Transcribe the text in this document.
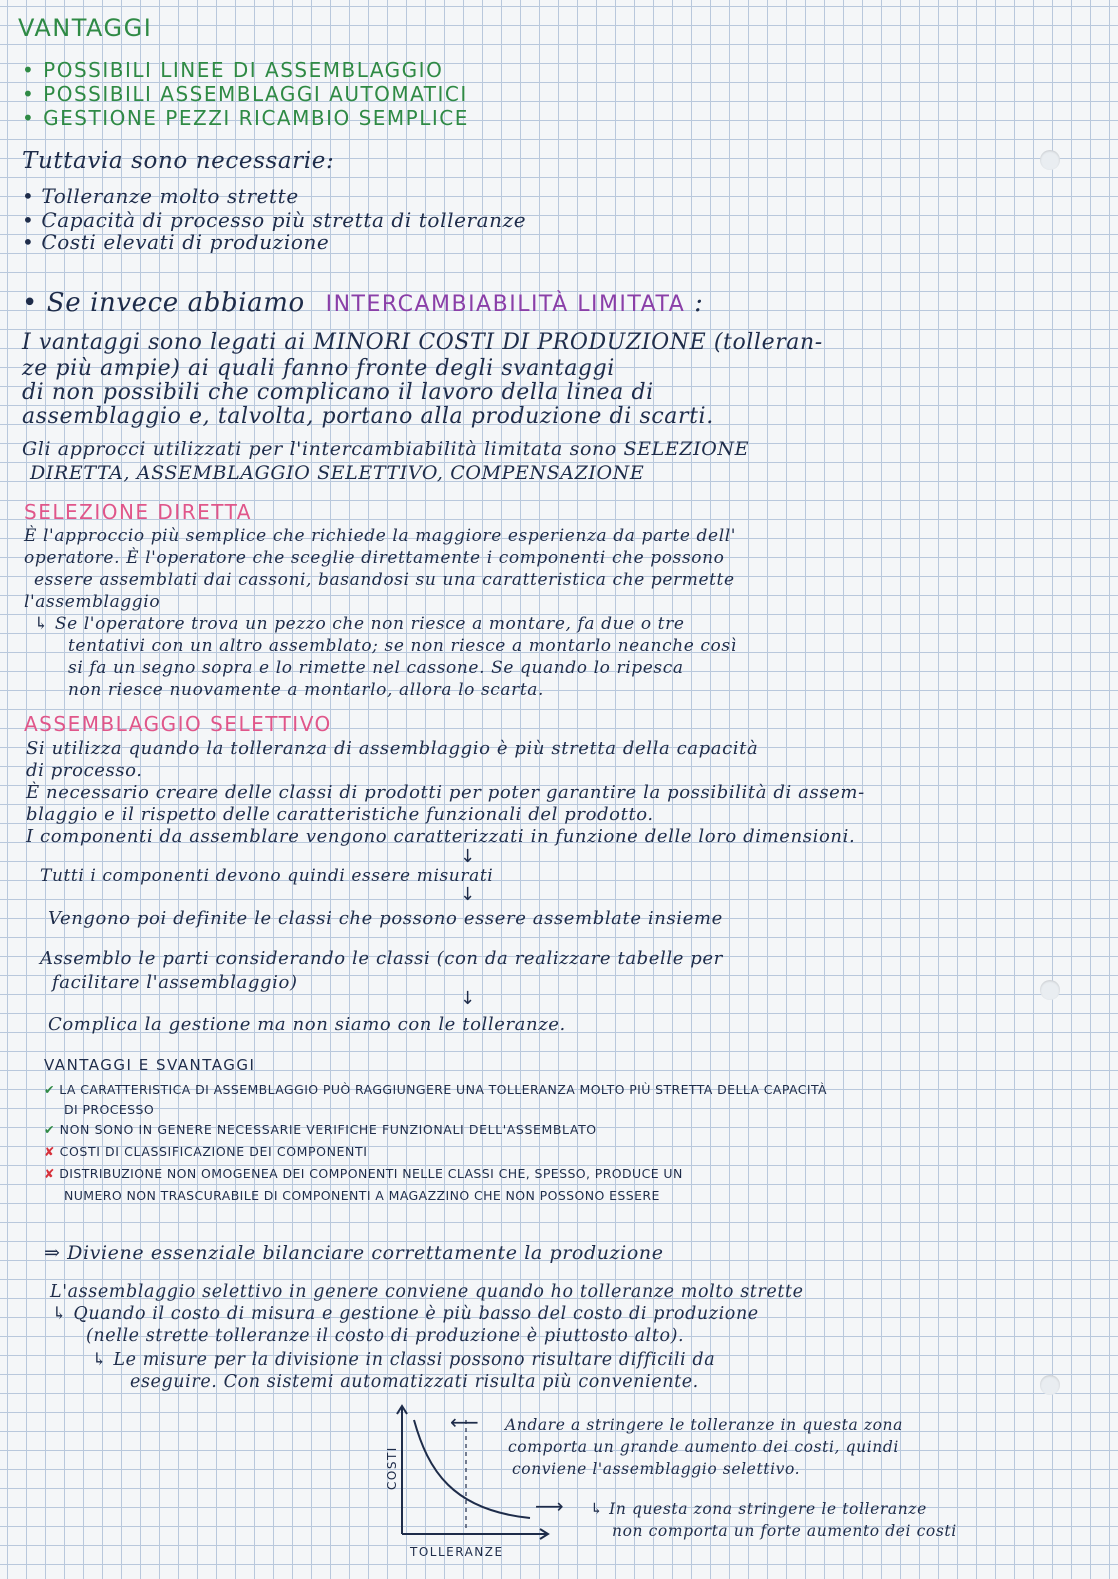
VANTAGGI
• POSSIBILI LINEE DI ASSEMBLAGGIO
• POSSIBILI ASSEMBLAGGI AUTOMATICI
• GESTIONE PEZZI RICAMBIO SEMPLICE
Tuttavia sono necessarie:
• Tolleranze molto strette
• Capacità di processo più stretta di tolleranze
• Costi elevati di produzione
• Se invece abbiamo INTERCAMBIABILITÀ LIMITATA :
I vantaggi sono legati ai MINORI COSTI DI PRODUZIONE (tolleran-
ze più ampie) ai quali fanno fronte degli svantaggi
di non possibili che complicano il lavoro della linea di
assemblaggio e, talvolta, portano alla produzione di scarti.
Gli approcci utilizzati per l'intercambiabilità limitata sono SELEZIONE
DIRETTA, ASSEMBLAGGIO SELETTIVO, COMPENSAZIONE
SELEZIONE DIRETTA
È l'approccio più semplice che richiede la maggiore esperienza da parte dell'
operatore. È l'operatore che sceglie direttamente i componenti che possono
essere assemblati dai cassoni, basandosi su una caratteristica che permette
l'assemblaggio
↳ Se l'operatore trova un pezzo che non riesce a montare, fa due o tre
tentativi con un altro assemblato; se non riesce a montarlo neanche così
si fa un segno sopra e lo rimette nel cassone. Se quando lo ripesca
non riesce nuovamente a montarlo, allora lo scarta.
ASSEMBLAGGIO SELETTIVO
Si utilizza quando la tolleranza di assemblaggio è più stretta della capacità
di processo.
È necessario creare delle classi di prodotti per poter garantire la possibilità di assem-
blaggio e il rispetto delle caratteristiche funzionali del prodotto.
I componenti da assemblare vengono caratterizzati in funzione delle loro dimensioni.
↓
Tutti i componenti devono quindi essere misurati
↓
Vengono poi definite le classi che possono essere assemblate insieme
Assemblo le parti considerando le classi (con da realizzare tabelle per
facilitare l'assemblaggio)
↓
Complica la gestione ma non siamo con le tolleranze.
VANTAGGI E SVANTAGGI
✔ LA CARATTERISTICA DI ASSEMBLAGGIO PUÒ RAGGIUNGERE UNA TOLLERANZA MOLTO PIÙ STRETTA DELLA CAPACITÀ
DI PROCESSO
✔ NON SONO IN GENERE NECESSARIE VERIFICHE FUNZIONALI DELL'ASSEMBLATO
✘ COSTI DI CLASSIFICAZIONE DEI COMPONENTI
✘ DISTRIBUZIONE NON OMOGENEA DEI COMPONENTI NELLE CLASSI CHE, SPESSO, PRODUCE UN
NUMERO NON TRASCURABILE DI COMPONENTI A MAGAZZINO CHE NON POSSONO ESSERE
⇒ Diviene essenziale bilanciare correttamente la produzione
L'assemblaggio selettivo in genere conviene quando ho tolleranze molto strette
↳ Quando il costo di misura e gestione è più basso del costo di produzione
(nelle strette tolleranze il costo di produzione è piuttosto alto).
↳ Le misure per la divisione in classi possono risultare difficili da
eseguire. Con sistemi automatizzati risulta più conveniente.
COSTI
TOLLERANZE
⟵ Andare a stringere le tolleranze in questa zona
comporta un grande aumento dei costi, quindi
conviene l'assemblaggio selettivo.
⟶ ↳ In questa zona stringere le tolleranze
non comporta un forte aumento dei costi
